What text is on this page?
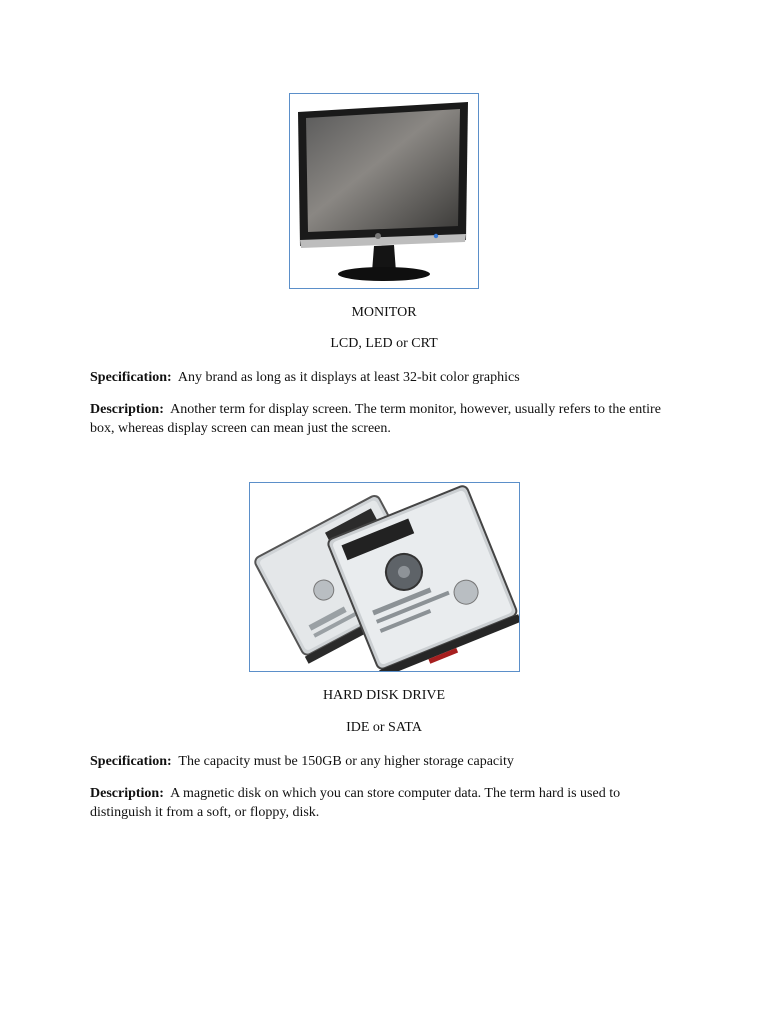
MONITOR
LCD, LED or CRT
Specification: Any brand as long as it displays at least 32-bit color graphics
Description: Another term for display screen. The term monitor, however, usually refers to the entire box, whereas display screen can mean just the screen.
HARD DISK DRIVE
IDE or SATA
Specification: The capacity must be 150GB or any higher storage capacity
Description: A magnetic disk on which you can store computer data. The term hard is used to distinguish it from a soft, or floppy, disk.
